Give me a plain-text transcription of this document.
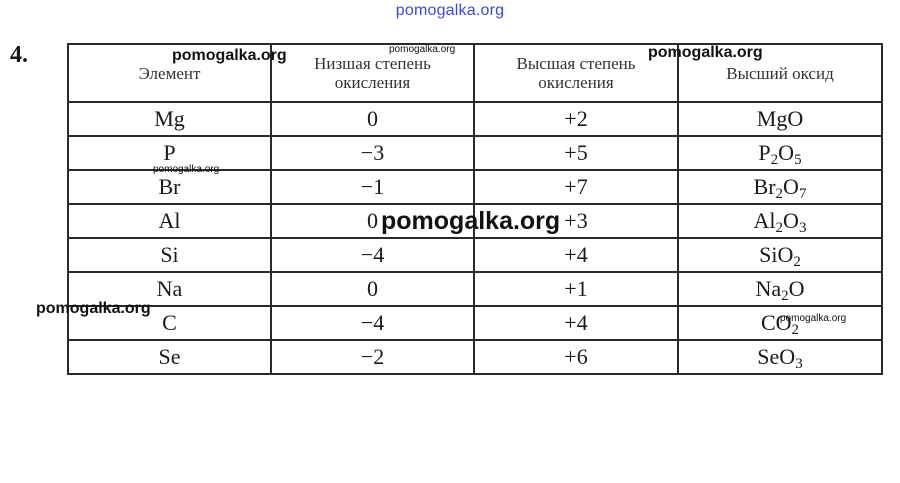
pomogalka.org
4.
Элемент	Низшая степень окисления	Высшая степень окисления	Высший оксид
Mg	0	+2	MgO
P	−3	+5	$P_2O_5$
Br	−1	+7	$Br_2O_7$
Al	0	+3	$Al_2O_3$
Si	−4	+4	SiO$_2$
Na	0	+1	$Na_2O$
C	−4	+4	$CO_2$
Se	−2	+6	SeO$_3$
pomogalka.org	pomogalka.org	pomogalka.org
pomogalka.org
pomogalka.org
pomogalka.org
pomogalka.org
